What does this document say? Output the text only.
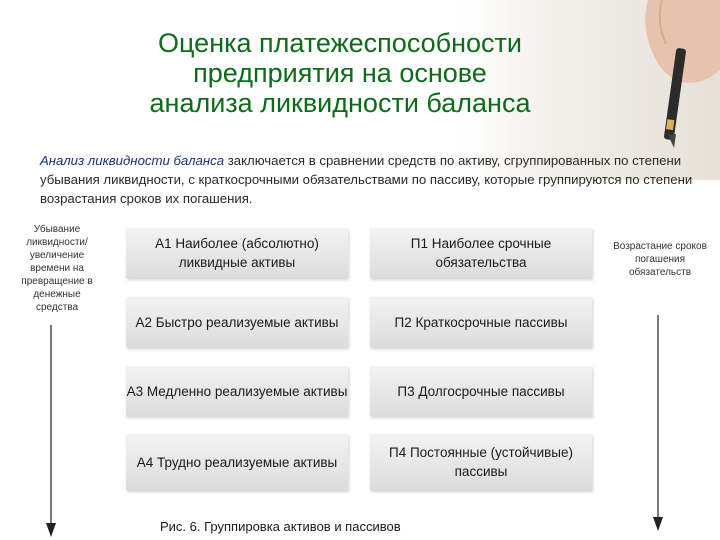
Оценка платежеспособности
предприятия на основе
анализа ликвидности баланса
Анализ ликвидности баланса заключается в сравнении средств по активу, сгруппированных по степени убывания ликвидности, с краткосрочными обязательствами по пассиву, которые группируются по степени возрастания сроков их погашения.
Убывание ликвидности/ увеличение времени на превращение в денежные средства
Возрастание сроков погашения обязательств
А1 Наиболее (абсолютно) ликвидные активы
А2 Быстро реализуемые активы
А3 Медленно реализуемые активы
А4 Трудно реализуемые активы
П1 Наиболее срочные обязательства
П2 Краткосрочные пассивы
П3 Долгосрочные пассивы
П4 Постоянные (устойчивые) пассивы
Рис. 6. Группировка активов и пассивов
